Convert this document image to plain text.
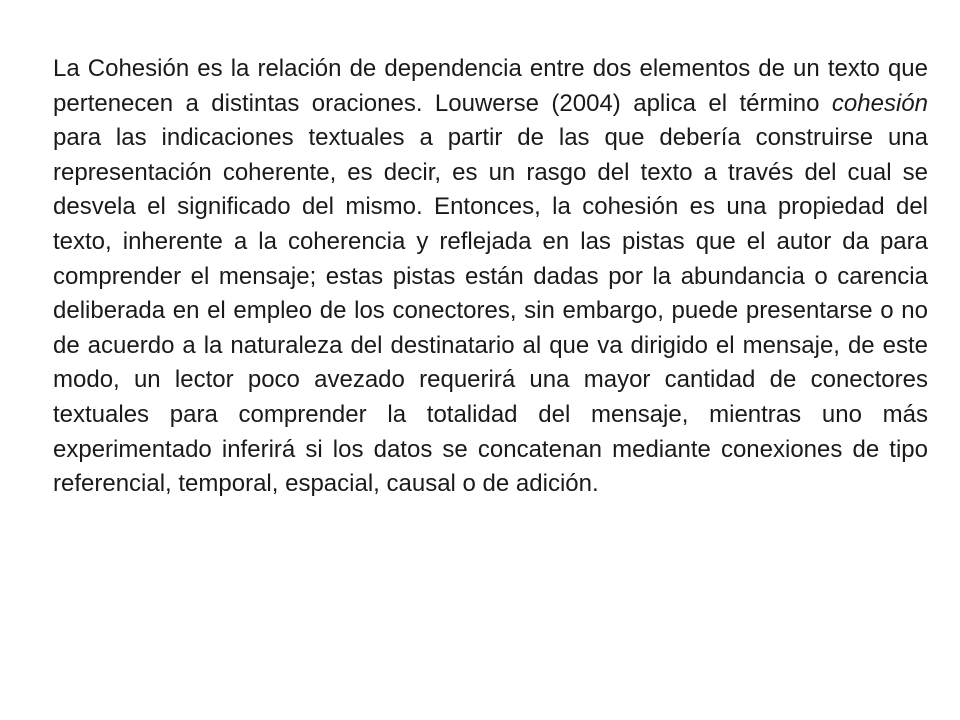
La Cohesión es la relación de dependencia entre dos elementos de un texto que pertenecen a distintas oraciones. Louwerse (2004) aplica el término cohesión para las indicaciones textuales a partir de las que debería construirse una representación coherente, es decir, es un rasgo del texto a través del cual se desvela el significado del mismo. Entonces, la cohesión es una propiedad del texto, inherente a la coherencia y reflejada en las pistas que el autor da para comprender el mensaje; estas pistas están dadas por la abundancia o carencia deliberada en el empleo de los conectores, sin embargo, puede presentarse o no de acuerdo a la naturaleza del destinatario al que va dirigido el mensaje, de este modo, un lector poco avezado requerirá una mayor cantidad de conectores textuales para comprender la totalidad del mensaje, mientras uno más experimentado inferirá si los datos se concatenan mediante conexiones de tipo referencial, temporal, espacial, causal o de adición.
